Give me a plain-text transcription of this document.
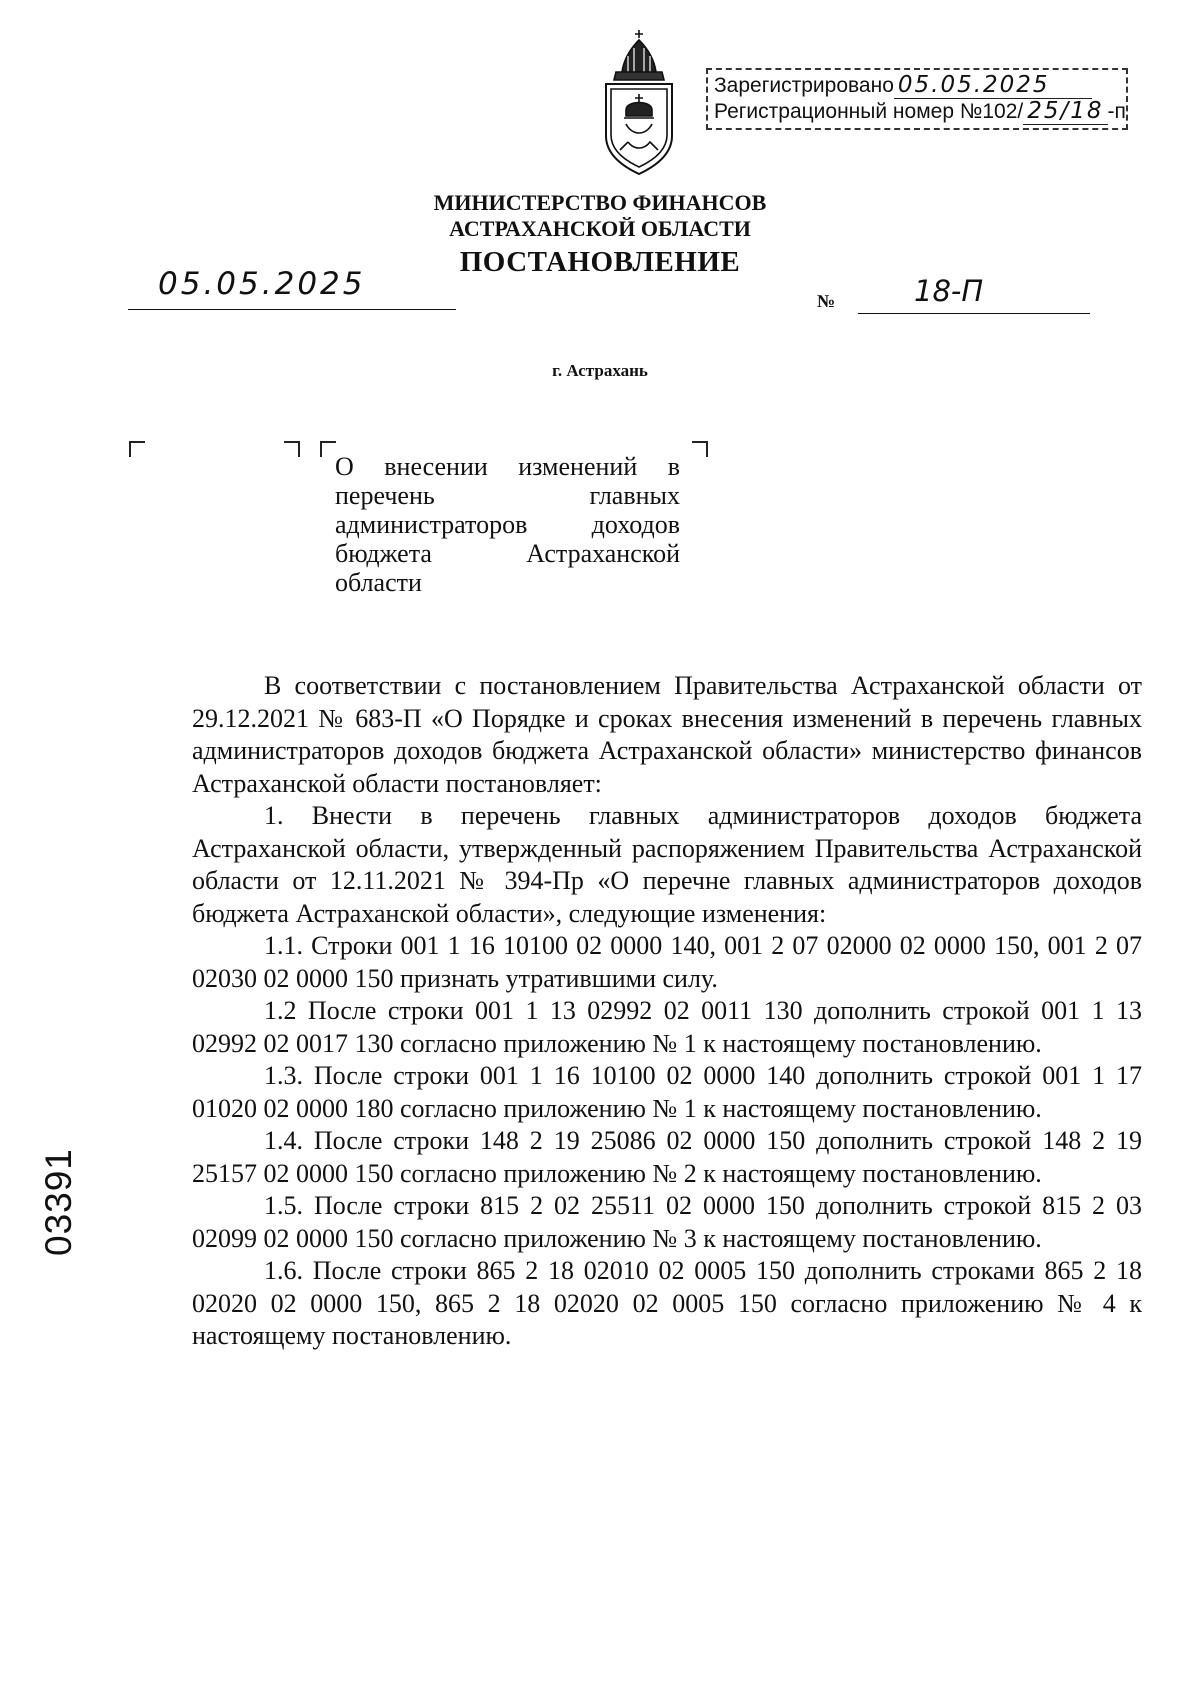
Зарегистрировано 05.05.2025
Регистрационный номер №102/ 25/18 -п
МИНИСТЕРСТВО ФИНАНСОВ
АСТРАХАНСКОЙ ОБЛАСТИ
ПОСТАНОВЛЕНИЕ
05.05.2025	№	18-П
г. Астрахань

О внесении изменений в перечень главных администраторов доходов бюджета Астраханской области

В соответствии с постановлением Правительства Астраханской области от 29.12.2021 № 683-П «О Порядке и сроках внесения изменений в перечень главных администраторов доходов бюджета Астраханской области» министерство финансов Астраханской области постановляет:

1. Внести в перечень главных администраторов доходов бюджета Астраханской области, утвержденный распоряжением Правительства Астраханской области от 12.11.2021 № 394-Пр «О перечне главных администраторов доходов бюджета Астраханской области», следующие изменения:

1.1. Строки 001 1 16 10100 02 0000 140, 001 2 07 02000 02 0000 150, 001 2 07 02030 02 0000 150 признать утратившими силу.

1.2 После строки 001 1 13 02992 02 0011 130 дополнить строкой 001 1 13 02992 02 0017 130 согласно приложению № 1 к настоящему постановлению.

1.3. После строки 001 1 16 10100 02 0000 140 дополнить строкой 001 1 17 01020 02 0000 180 согласно приложению № 1 к настоящему постановлению.

1.4. После строки 148 2 19 25086 02 0000 150 дополнить строкой 148 2 19 25157 02 0000 150 согласно приложению № 2 к настоящему постановлению.

1.5. После строки 815 2 02 25511 02 0000 150 дополнить строкой 815 2 03 02099 02 0000 150 согласно приложению № 3 к настоящему постановлению.

1.6. После строки 865 2 18 02010 02 0005 150 дополнить строками 865 2 18 02020 02 0000 150, 865 2 18 02020 02 0005 150 согласно приложению № 4 к настоящему постановлению.

03391
